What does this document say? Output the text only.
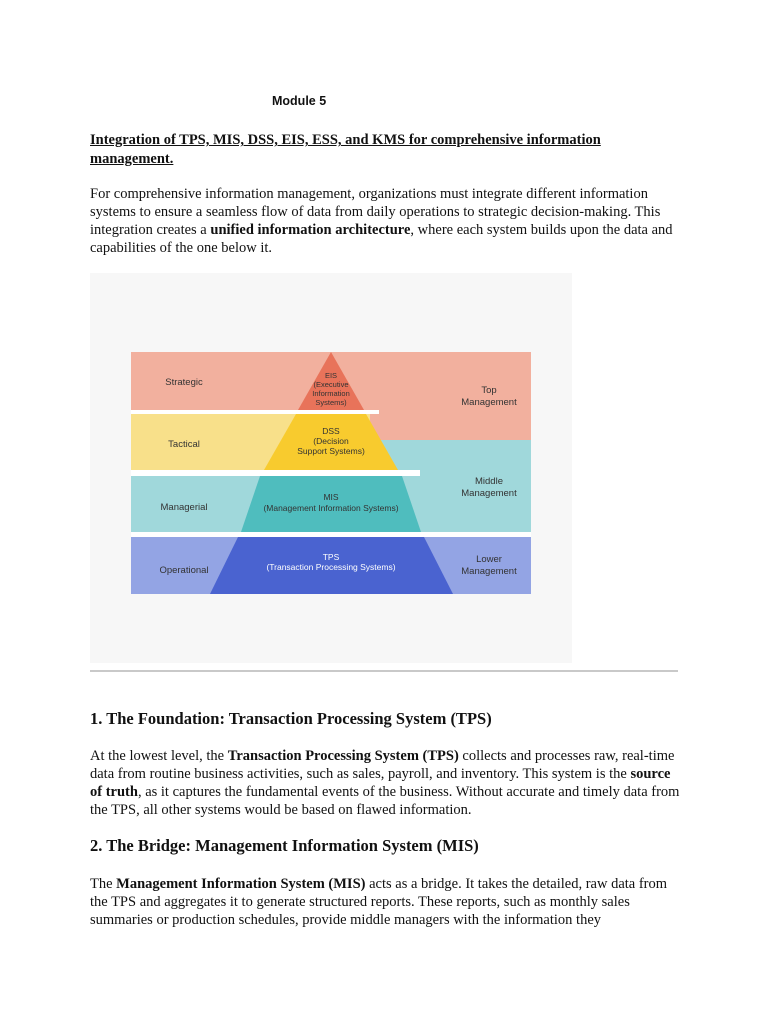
Module 5
Integration of TPS, MIS, DSS, EIS, ESS, and KMS for comprehensive information management.

For comprehensive information management, organizations must integrate different information systems to ensure a seamless flow of data from daily operations to strategic decision-making. This integration creates a unified information architecture, where each system builds upon the data and capabilities of the one below it.

Strategic
Tactical
Managerial
Operational
EIS
(Executive
Information
Systems)
DSS
(Decision
Support Systems)
MIS
(Management Information Systems)
TPS
(Transaction Processing Systems)
Top
Management
Middle
Management
Lower
Management
1. The Foundation: Transaction Processing System (TPS)

At the lowest level, the Transaction Processing System (TPS) collects and processes raw, real-time data from routine business activities, such as sales, payroll, and inventory. This system is the source of truth, as it captures the fundamental events of the business. Without accurate and timely data from the TPS, all other systems would be based on flawed information.

2. The Bridge: Management Information System (MIS)

The Management Information System (MIS) acts as a bridge. It takes the detailed, raw data from the TPS and aggregates it to generate structured reports. These reports, such as monthly sales summaries or production schedules, provide middle managers with the information they
